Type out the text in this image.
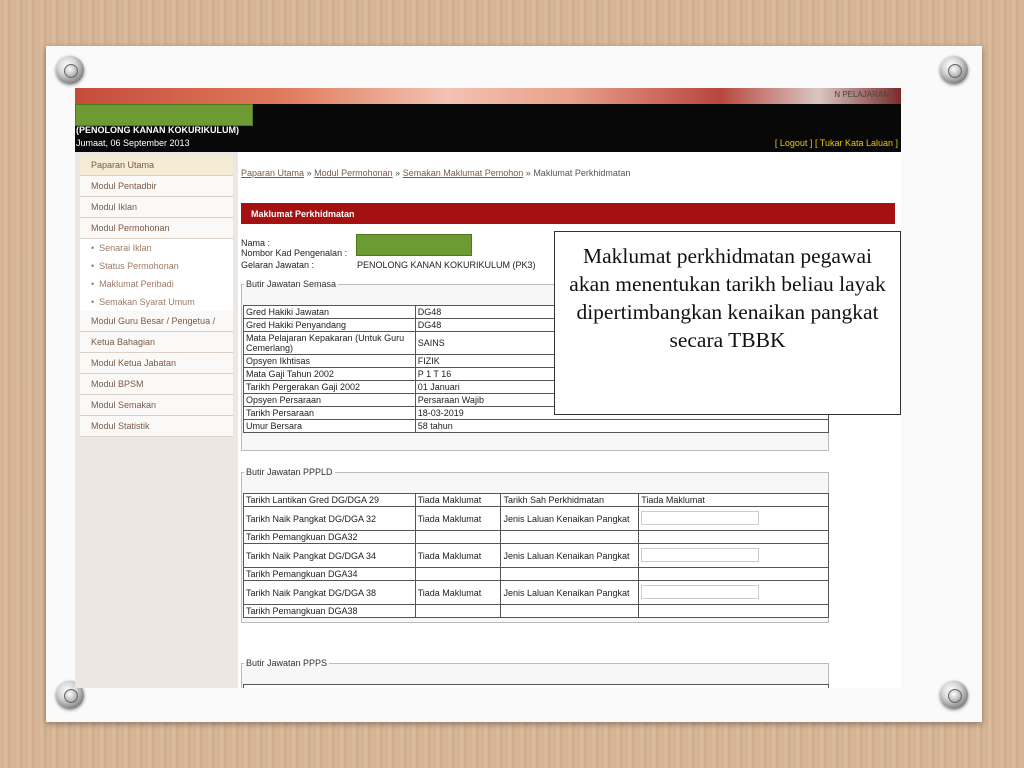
N PELAJARAN
(PENOLONG KANAN KOKURIKULUM)
Jumaat, 06 September 2013	[ Logout ] [ Tukar Kata Laluan ]
Paparan Utama
Modul Pentadbir
Modul Iklan
Modul Permohonan
• Senarai Iklan
• Status Permohonan
• Maklumat Peribadi
• Semakan Syarat Umum
Modul Guru Besar / Pengetua /
Ketua Bahagian
Modul Ketua Jabatan
Modul BPSM
Modul Semakan
Modul Statistik
Paparan Utama » Modul Permohonan » Semakan Maklumat Pemohon » Maklumat Perkhidmatan
Maklumat Perkhidmatan
Nama :
Nombor Kad Pengenalan :
Gelaran Jawatan :	PENOLONG KANAN KOKURIKULUM (PK3)
Butir Jawatan Semasa
Gred Hakiki Jawatan	DG48
Gred Hakiki Penyandang	DG48
Mata Pelajaran Kepakaran (Untuk Guru Cemerlang)	SAINS
Opsyen Ikhtisas	FIZIK
Mata Gaji Tahun 2002	P 1 T 16
Tarikh Pergerakan Gaji 2002	01 Januari
Opsyen Persaraan	Persaraan Wajib
Tarikh Persaraan	18-03-2019
Umur Bersara	58 tahun
Butir Jawatan PPPLD
Tarikh Lantikan Gred DG/DGA 29	Tiada Maklumat	Tarikh Sah Perkhidmatan	Tiada Maklumat
Tarikh Naik Pangkat DG/DGA 32	Tiada Maklumat	Jenis Laluan Kenaikan Pangkat	
Tarikh Pemangkuan DGA32			
Tarikh Naik Pangkat DG/DGA 34	Tiada Maklumat	Jenis Laluan Kenaikan Pangkat	
Tarikh Pemangkuan DGA34			
Tarikh Naik Pangkat DG/DGA 38	Tiada Maklumat	Jenis Laluan Kenaikan Pangkat	
Tarikh Pemangkuan DGA38			
Butir Jawatan PPPS
Maklumat perkhidmatan pegawai akan menentukan tarikh beliau layak dipertimbangkan kenaikan pangkat secara TBBK
